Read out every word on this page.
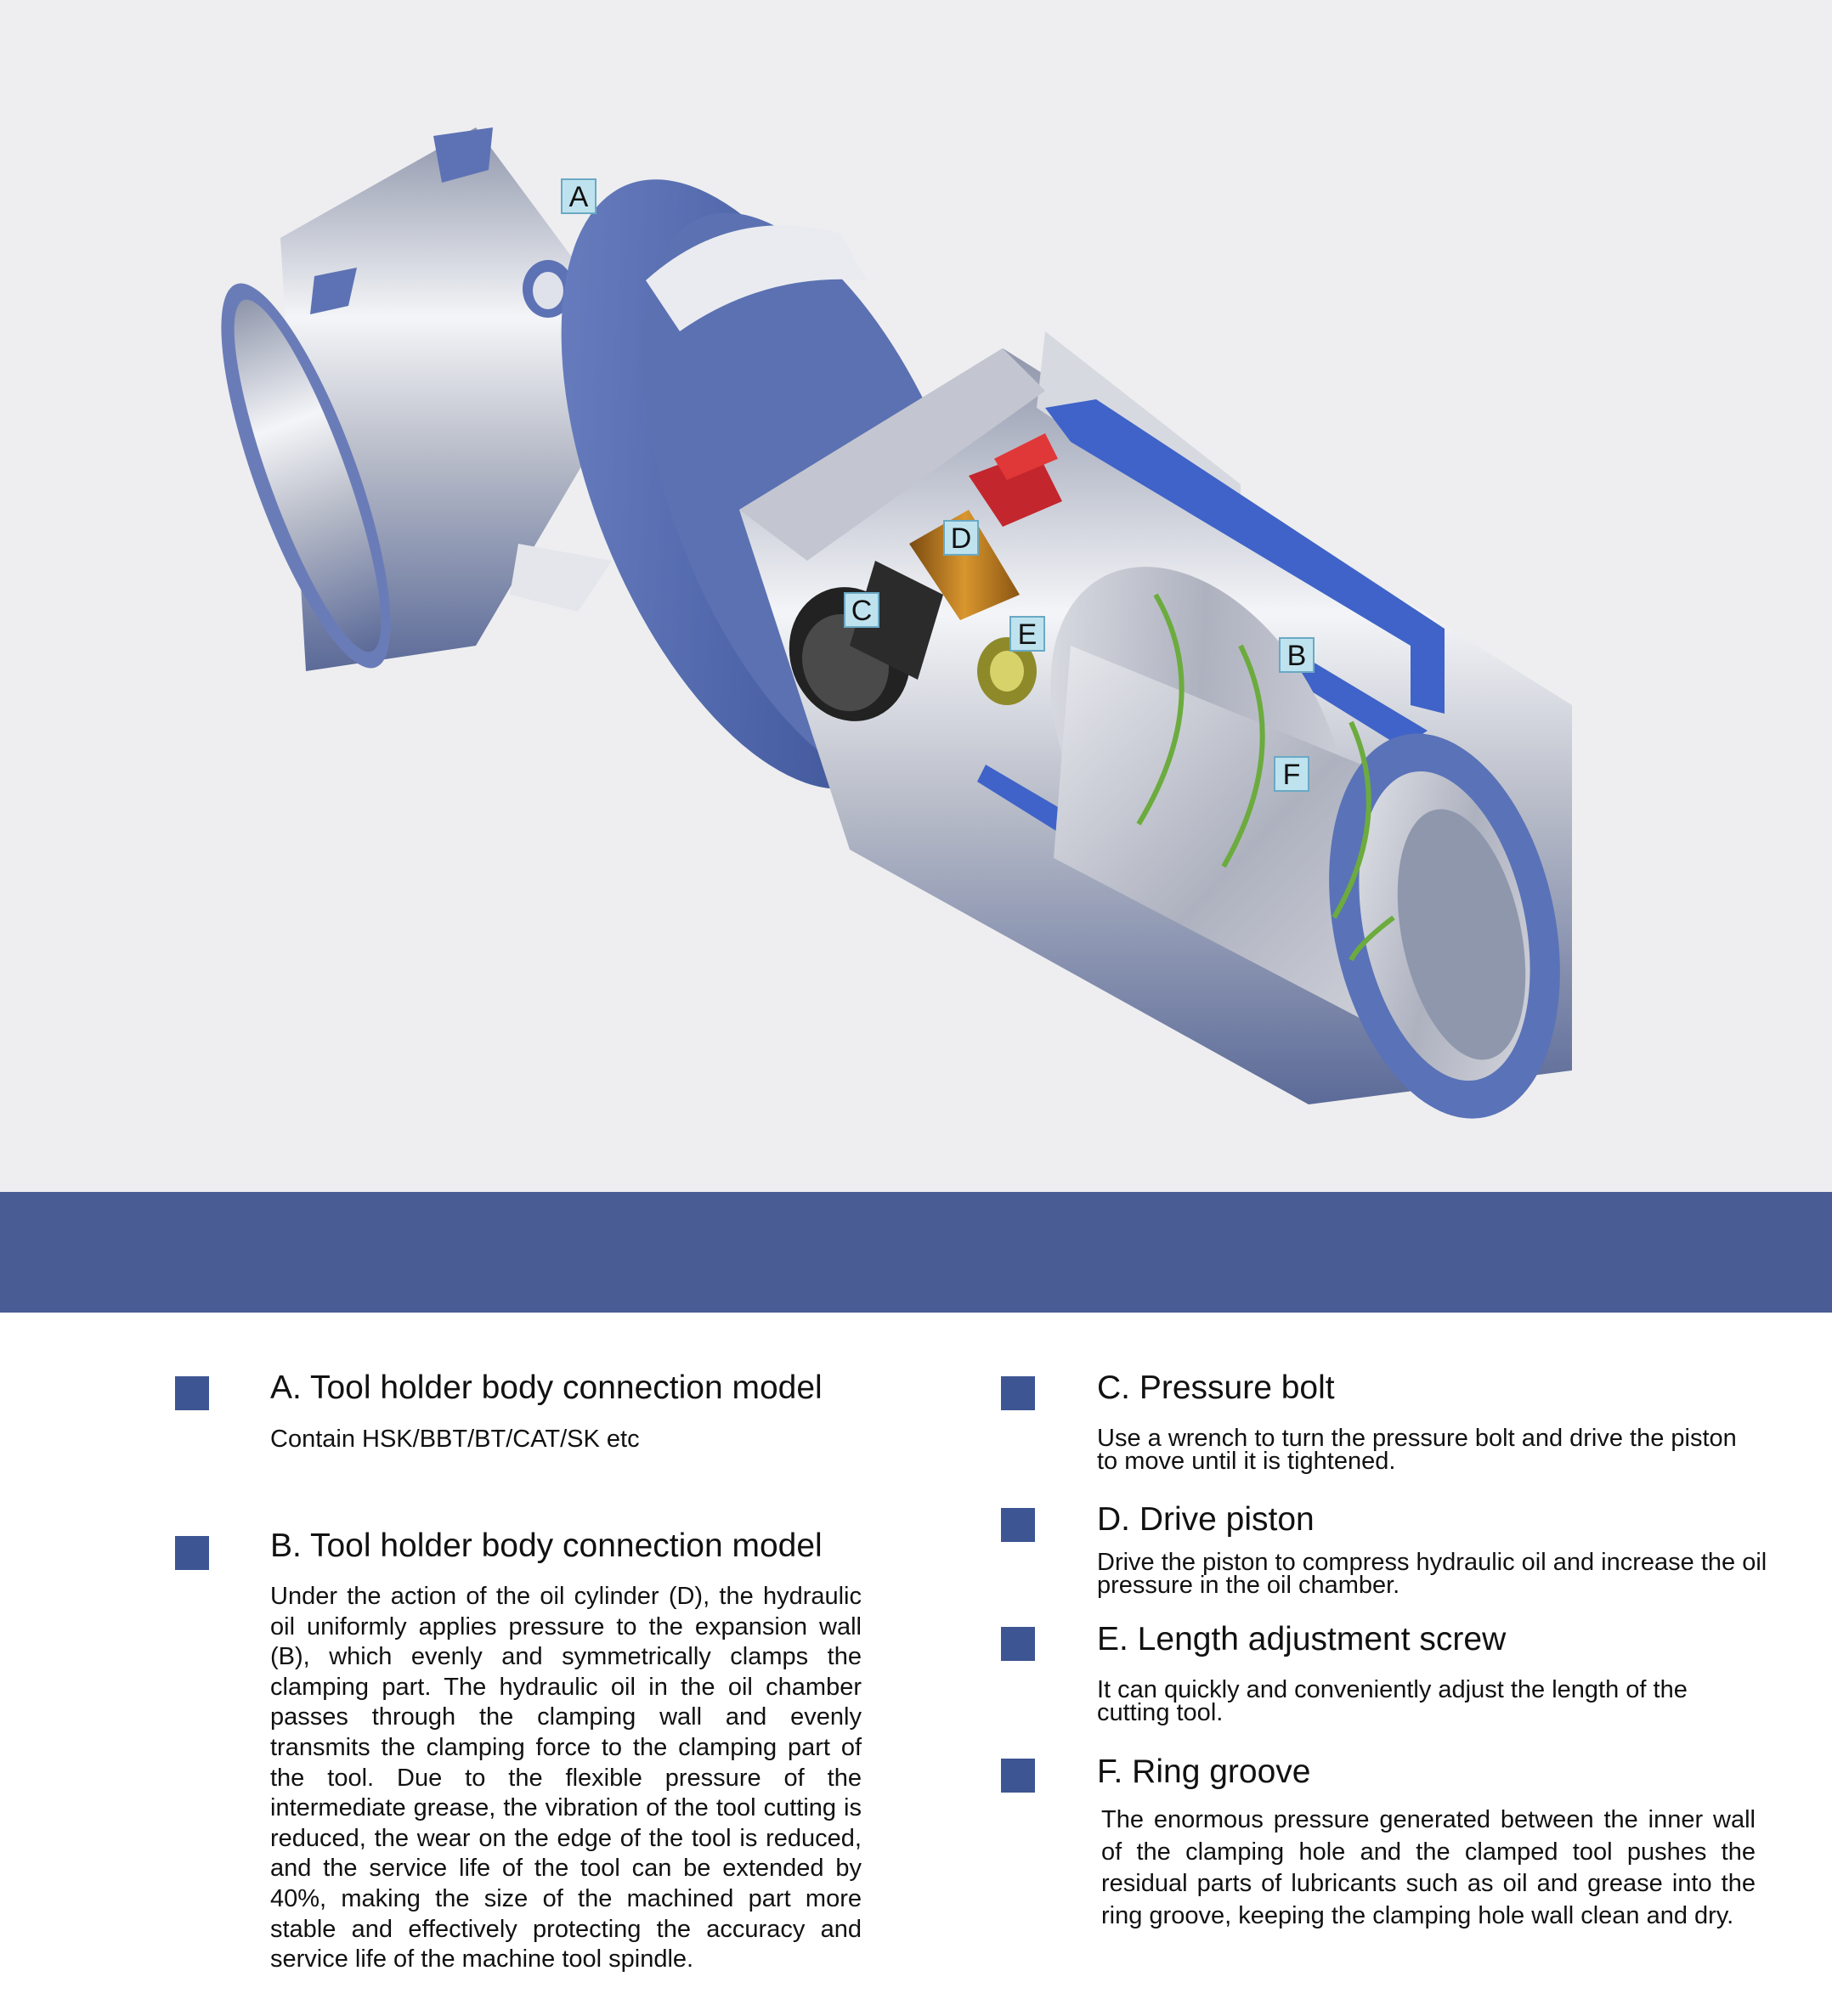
A
D
C
E
B
F
A. Tool holder body connection model
Contain HSK/BBT/BT/CAT/SK etc
B. Tool holder body connection model
Under the action of the oil cylinder (D), the hydraulic oil uniformly applies pressure to the expansion wall (B), which evenly and symmetrically clamps the clamping part. The hydraulic oil in the oil chamber passes through the clamping wall and evenly transmits the clamping force to the clamping part of the tool. Due to the flexible pressure of the intermediate grease, the vibration of the tool cutting is reduced, the wear on the edge of the tool is reduced, and the service life of the tool can be extended by 40%, making the size of the machined part more stable and effectively protecting the accuracy and service life of the machine tool spindle.
C. Pressure bolt
Use a wrench to turn the pressure bolt and drive the piston to move until it is tightened.
D. Drive piston
Drive the piston to compress hydraulic oil and increase the oil pressure in the oil chamber.
E. Length adjustment screw
It can quickly and conveniently adjust the length of the cutting tool.
F. Ring groove
The enormous pressure generated between the inner wall of the clamping hole and the clamped tool pushes the residual parts of lubricants such as oil and grease into the ring groove, keeping the clamping hole wall clean and dry.
